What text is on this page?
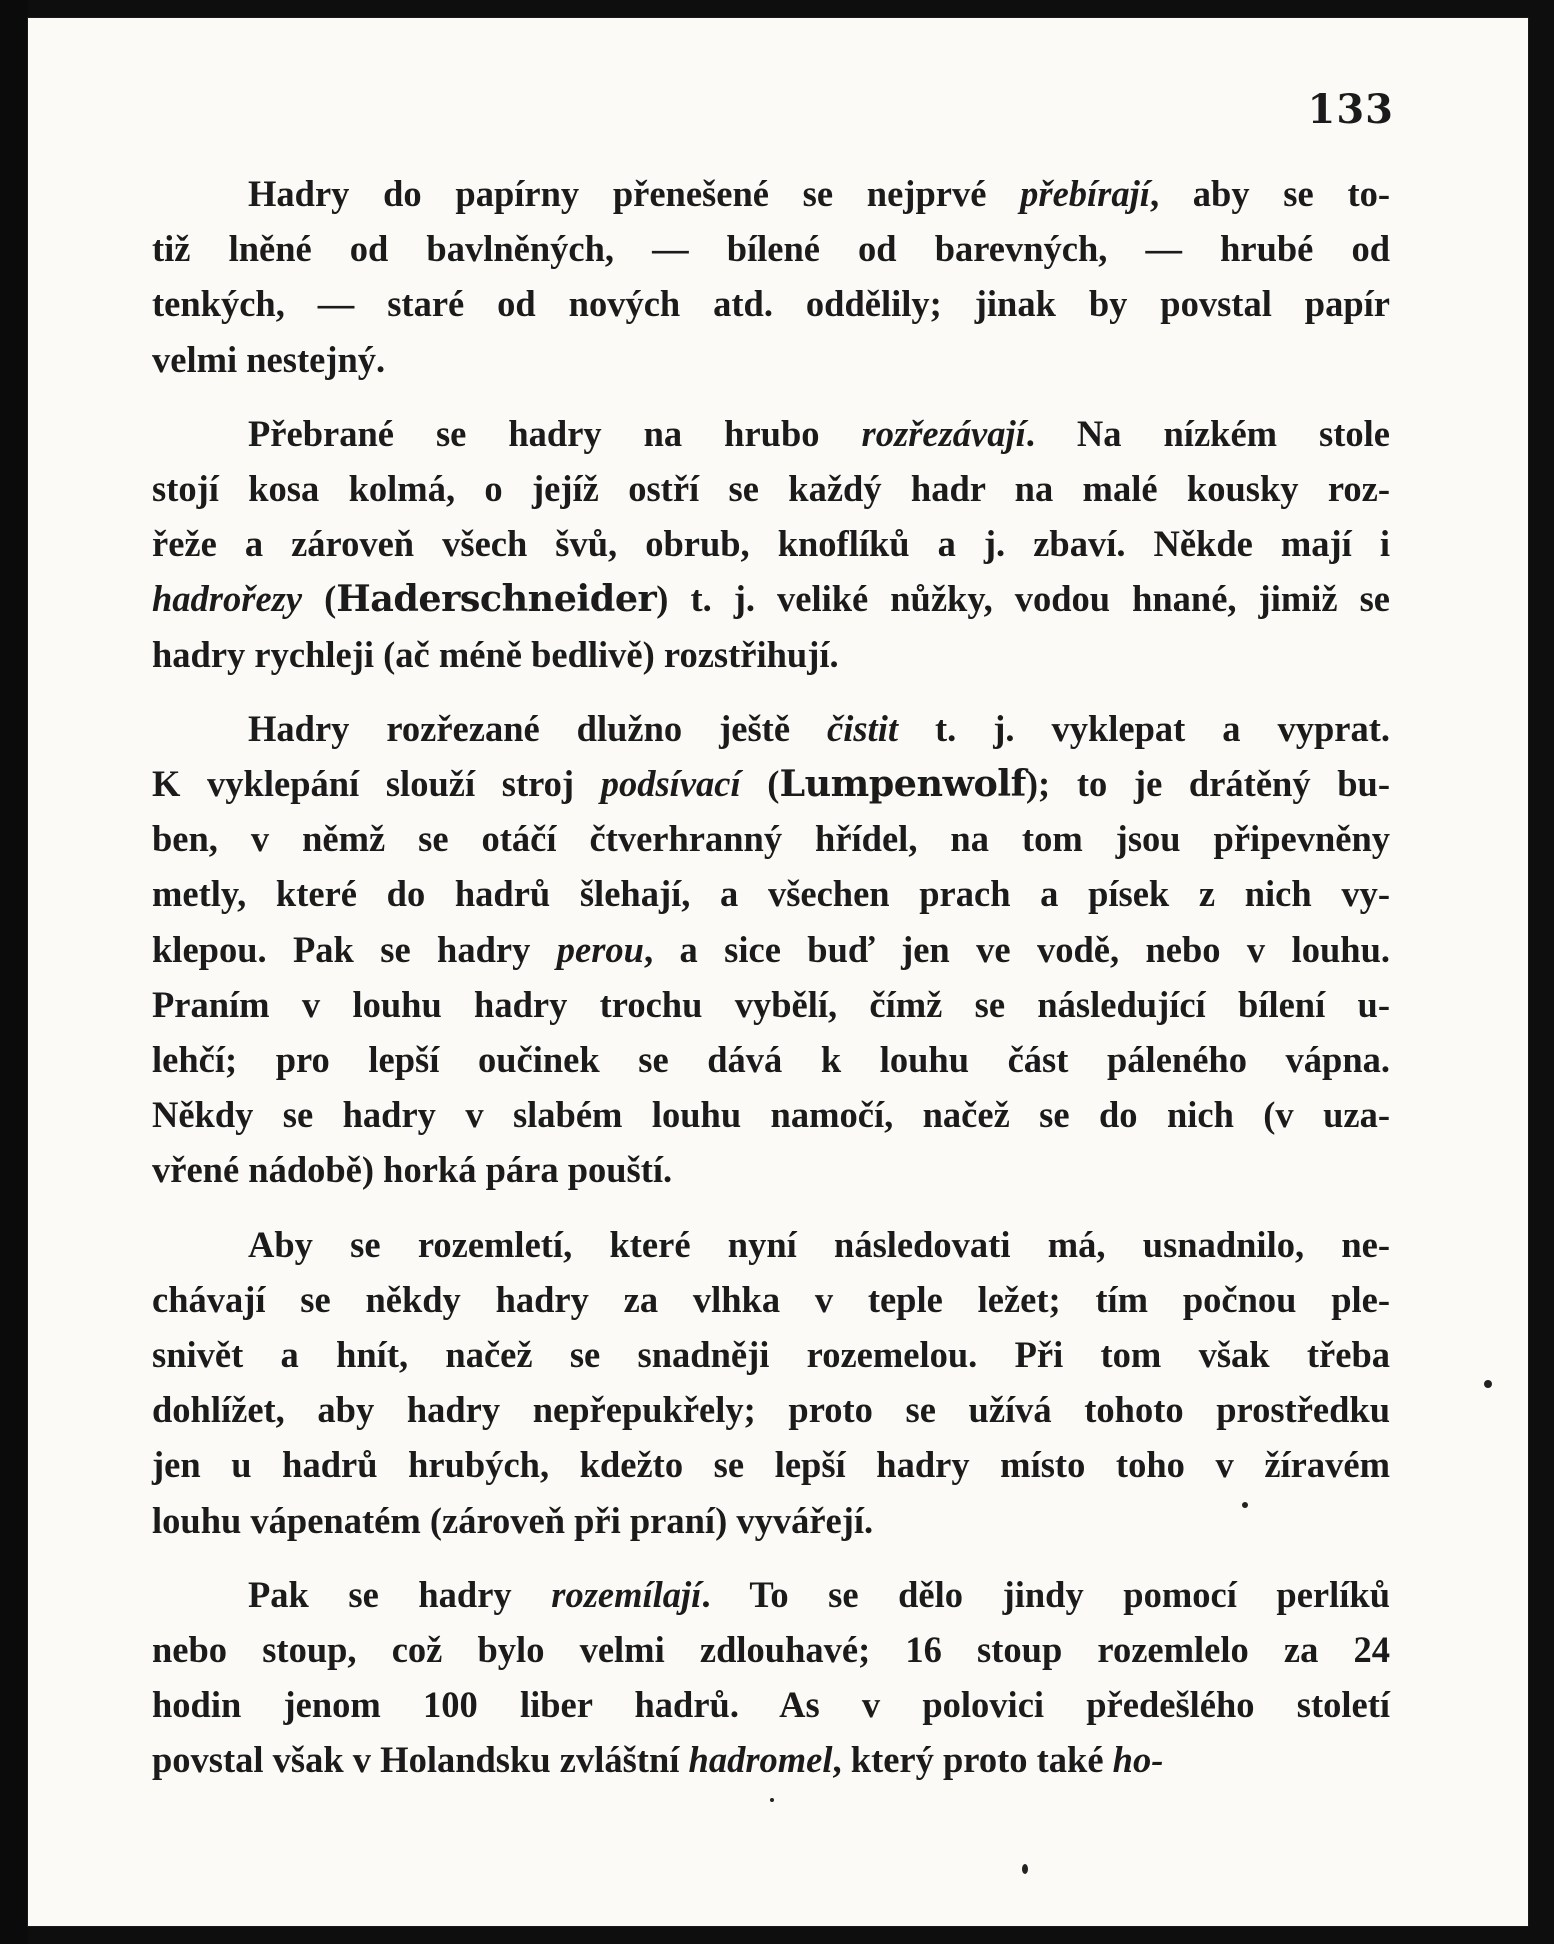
133
Hadry do papírny přenešené se nejprvé přebírají, aby se to-
tiž lněné od bavlněných, — bílené od barevných, — hrubé od
tenkých, — staré od nových atd. oddělily; jinak by povstal papír
velmi nestejný.
Přebrané se hadry na hrubo rozřezávají. Na nízkém stole
stojí kosa kolmá, o jejíž ostří se každý hadr na malé kousky roz-
řeže a zároveň všech švů, obrub, knoflíků a j. zbaví. Někde mají i
hadrořezy (Haderschneider) t. j. veliké nůžky, vodou hnané, jimiž se
hadry rychleji (ač méně bedlivě) rozstřihují.
Hadry rozřezané dlužno ještě čistit t. j. vyklepat a vyprat.
K vyklepání slouží stroj podsívací (Lumpenwolf); to je drátěný bu-
ben, v němž se otáčí čtverhranný hřídel, na tom jsou připevněny
metly, které do hadrů šlehají, a všechen prach a písek z nich vy-
klepou. Pak se hadry perou, a sice buď jen ve vodě, nebo v louhu.
Praním v louhu hadry trochu vybělí, čímž se následující bílení u-
lehčí; pro lepší oučinek se dává k louhu část páleného vápna.
Někdy se hadry v slabém louhu namočí, načež se do nich (v uza-
vřené nádobě) horká pára pouští.
Aby se rozemletí, které nyní následovati má, usnadnilo, ne-
chávají se někdy hadry za vlhka v teple ležet; tím počnou ple-
snivět a hnít, načež se snadněji rozemelou. Při tom však třeba
dohlížet, aby hadry nepřepukřely; proto se užívá tohoto prostředku
jen u hadrů hrubých, kdežto se lepší hadry místo toho v žíravém
louhu vápenatém (zároveň při praní) vyvářejí.
Pak se hadry rozemílají. To se dělo jindy pomocí perlíků
nebo stoup, což bylo velmi zdlouhavé; 16 stoup rozemlelo za 24
hodin jenom 100 liber hadrů. As v polovici předešlého století
povstal však v Holandsku zvláštní hadromel, který proto také ho-
